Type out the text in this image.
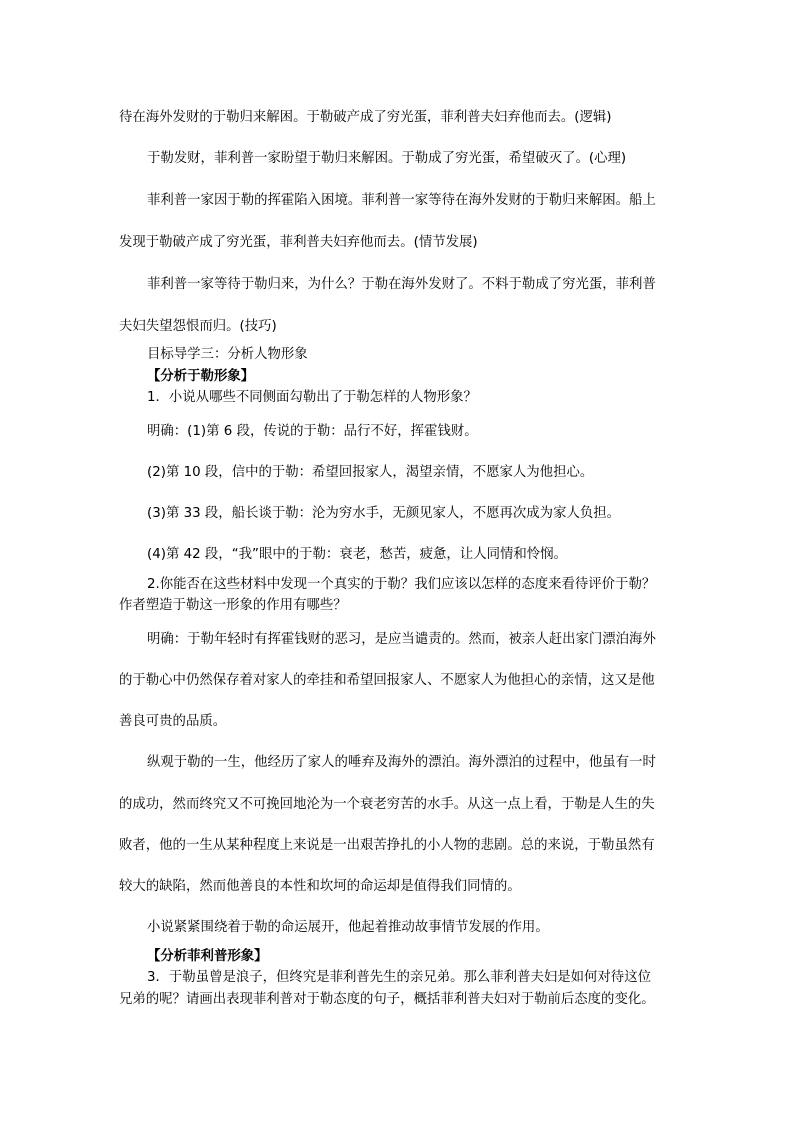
待在海外发财的于勒归来解困。于勒破产成了穷光蛋，菲利普夫妇弃他而去。(逻辑)
于勒发财，菲利普一家盼望于勒归来解困。于勒成了穷光蛋，希望破灭了。(心理)
菲利普一家因于勒的挥霍陷入困境。菲利普一家等待在海外发财的于勒归来解困。船上
发现于勒破产成了穷光蛋，菲利普夫妇弃他而去。(情节发展)
菲利普一家等待于勒归来，为什么？于勒在海外发财了。不料于勒成了穷光蛋，菲利普
夫妇失望怨恨而归。(技巧)
目标导学三：分析人物形象
【分析于勒形象】
1．小说从哪些不同侧面勾勒出了于勒怎样的人物形象？
明确：(1)第 6 段，传说的于勒：品行不好，挥霍钱财。
(2)第 10 段，信中的于勒：希望回报家人，渴望亲情，不愿家人为他担心。
(3)第 33 段，船长谈于勒：沦为穷水手，无颜见家人，不愿再次成为家人负担。
(4)第 42 段，“我”眼中的于勒：衰老，愁苦，疲惫，让人同情和怜悯。
2.你能否在这些材料中发现一个真实的于勒？我们应该以怎样的态度来看待评价于勒？
作者塑造于勒这一形象的作用有哪些？
明确：于勒年轻时有挥霍钱财的恶习，是应当谴责的。然而，被亲人赶出家门漂泊海外
的于勒心中仍然保存着对家人的牵挂和希望回报家人、不愿家人为他担心的亲情，这又是他
善良可贵的品质。
纵观于勒的一生，他经历了家人的唾弃及海外的漂泊。海外漂泊的过程中，他虽有一时
的成功，然而终究又不可挽回地沦为一个衰老穷苦的水手。从这一点上看，于勒是人生的失
败者，他的一生从某种程度上来说是一出艰苦挣扎的小人物的悲剧。总的来说，于勒虽然有
较大的缺陷，然而他善良的本性和坎坷的命运却是值得我们同情的。
小说紧紧围绕着于勒的命运展开，他起着推动故事情节发展的作用。
【分析菲利普形象】
3．于勒虽曾是浪子，但终究是菲利普先生的亲兄弟。那么菲利普夫妇是如何对待这位
兄弟的呢？请画出表现菲利普对于勒态度的句子，概括菲利普夫妇对于勒前后态度的变化。
